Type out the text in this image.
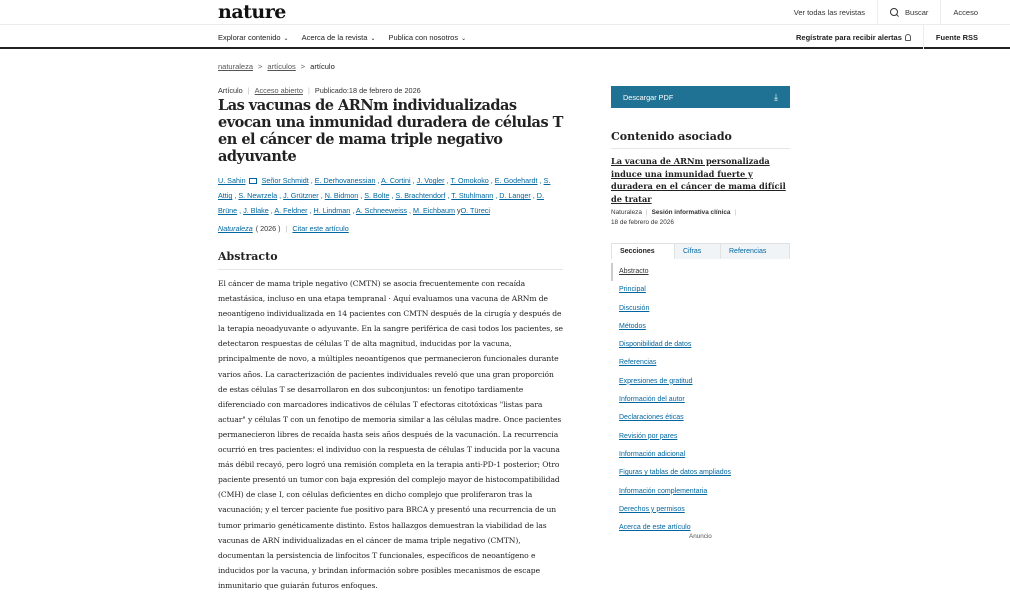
nature	Ver todas las revistas	Buscar	Acceso
Explorar contenido ⌄ Acerca de la revista ⌄ Publica con nosotros ⌄	Regístrate para recibir alertas	Fuente RSS
naturaleza > artículos > artículo
Artículo | Acceso abierto | Publicado:18 de febrero de 2026
Las vacunas de ARNm individualizadas evocan una inmunidad duradera de células T en el cáncer de mama triple negativo adyuvante
U. Sahin Señor Schmidt , E. Derhovanessian , A. Cortini , J. Vogler , T. Omokoko , E. Godehardt , S. Attig , S. Newrzela , J. Grützner , N. Bidmon , S. Bolte , S. Brachtendorf , T. Stuhlmann , D. Langer , D. Brüne , J. Blake , A. Feldner , H. Lindman , A. Schneeweiss , M. Eichbaum yO. Türeci
Naturaleza ( 2026 ) | Citar este artículo
Abstracto

El cáncer de mama triple negativo (CMTN) se asocia frecuentemente con recaída metastásica, incluso en una etapa tempranal · Aquí evaluamos una vacuna de ARNm de neoantígeno individualizada en 14 pacientes con CMTN después de la cirugía y después de la terapia neoadyuvante o adyuvante. En la sangre periférica de casi todos los pacientes, se detectaron respuestas de células T de alta magnitud, inducidas por la vacuna, principalmente de novo, a múltiples neoantígenos que permanecieron funcionales durante varios años. La caracterización de pacientes individuales reveló que una gran proporción de estas células T se desarrollaron en dos subconjuntos: un fenotipo tardiamente diferenciado con marcadores indicativos de células T efectoras citotóxicas "listas para actuar" y células T con un fenotipo de memoria similar a las células madre. Once pacientes permanecieron libres de recaída hasta seis años después de la vacunación. La recurrencia ocurrió en tres pacientes: el individuo con la respuesta de células T inducida por la vacuna más débil recayó, pero logró una remisión completa en la terapia anti-PD-1 posterior; Otro paciente presentó un tumor con baja expresión del complejo mayor de histocompatibilidad (CMH) de clase I, con células deficientes en dicho complejo que proliferaron tras la vacunación; y el tercer paciente fue positivo para BRCA y presentó una recurrencia de un tumor primario genéticamente distinto. Estos hallazgos demuestran la viabilidad de las vacunas de ARN individualizadas en el cáncer de mama triple negativo (CMTN), documentan la persistencia de linfocitos T funcionales, específicos de neoantígeno e inducidos por la vacuna, y brindan información sobre posibles mecanismos de escape inmunitario que guiarán futuros enfoques.

Descargar PDF	⤓
Contenido asociado
La vacuna de ARNm personalizada induce una inmunidad fuerte y duradera en el cáncer de mama difícil de tratar
Naturaleza | Sesión informativa clínica |
18 de febrero de 2026
Secciones	Cifras	Referencias
Abstracto
Principal
Discusión
Métodos
Disponibilidad de datos
Referencias
Expresiones de gratitud
Información del autor
Declaraciones éticas
Revisión por pares
Información adicional
Figuras y tablas de datos ampliados
Información complementaria
Derechos y permisos
Acerca de este artículo
Anuncio
